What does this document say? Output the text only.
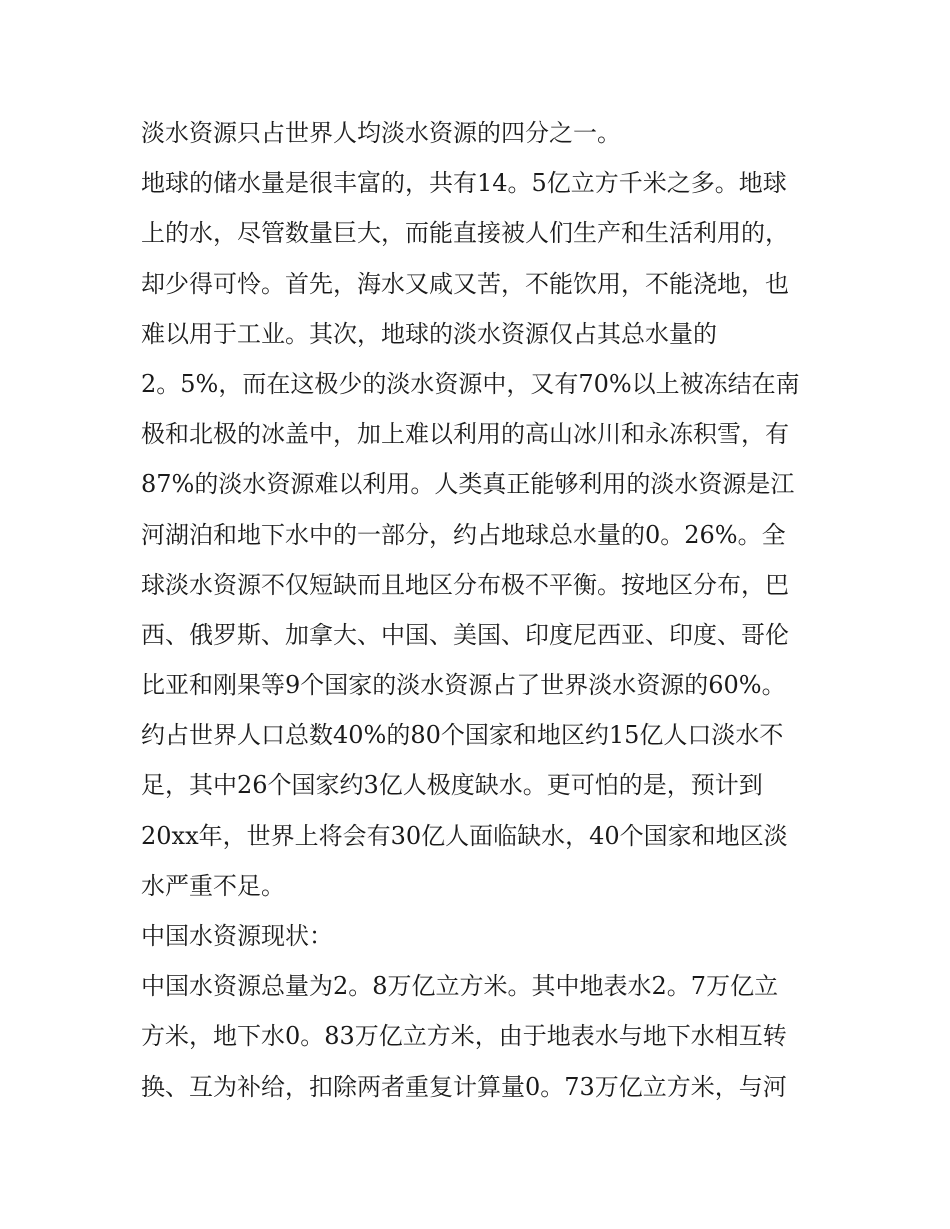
淡水资源只占世界人均淡水资源的四分之一。
地球的储水量是很丰富的，共有14。5亿立方千米之多。地球
上的水，尽管数量巨大，而能直接被人们生产和生活利用的，
却少得可怜。首先，海水又咸又苦，不能饮用，不能浇地，也
难以用于工业。其次，地球的淡水资源仅占其总水量的
2。5%，而在这极少的淡水资源中，又有70%以上被冻结在南
极和北极的冰盖中，加上难以利用的高山冰川和永冻积雪，有
87%的淡水资源难以利用。人类真正能够利用的淡水资源是江
河湖泊和地下水中的一部分，约占地球总水量的0。26%。全
球淡水资源不仅短缺而且地区分布极不平衡。按地区分布，巴
西、俄罗斯、加拿大、中国、美国、印度尼西亚、印度、哥伦
比亚和刚果等9个国家的淡水资源占了世界淡水资源的60%。
约占世界人口总数40%的80个国家和地区约15亿人口淡水不
足，其中26个国家约3亿人极度缺水。更可怕的是，预计到
20xx年，世界上将会有30亿人面临缺水，40个国家和地区淡
水严重不足。
中国水资源现状：
中国水资源总量为2。8万亿立方米。其中地表水2。7万亿立
方米，地下水0。83万亿立方米，由于地表水与地下水相互转
换、互为补给，扣除两者重复计算量0。73万亿立方米，与河
